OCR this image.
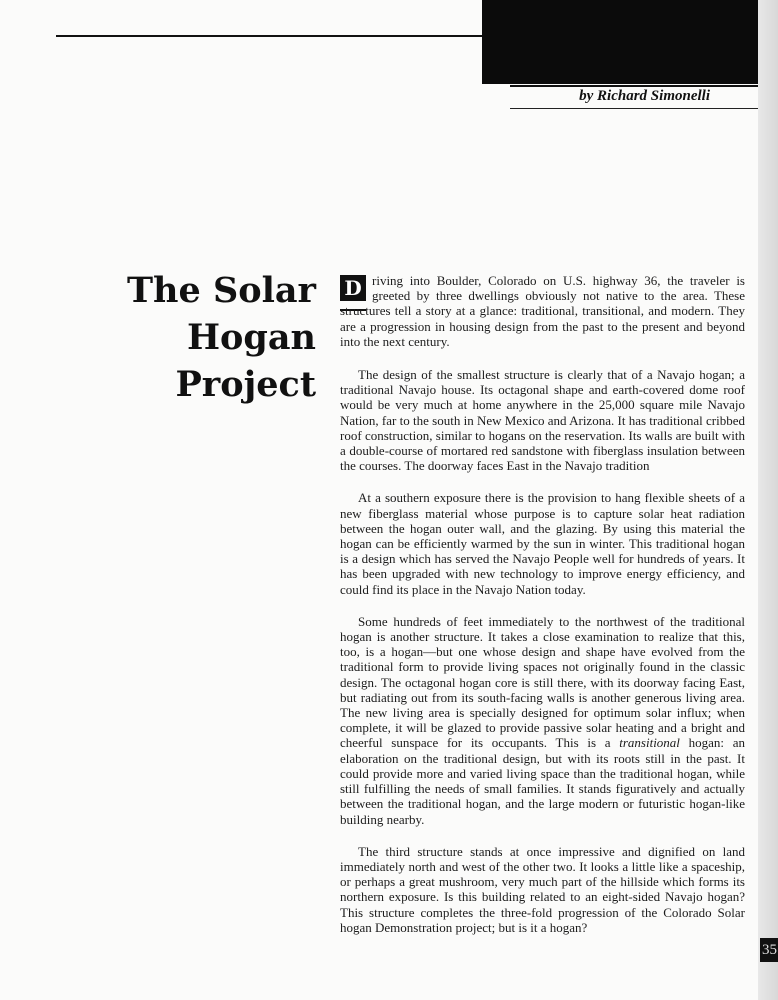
by Richard Simonelli
The Solar
Hogan
Project

D riving into Boulder, Colorado on U.S. highway 36, the traveler is greeted by three dwellings obviously not native to the area. These structures tell a story at a glance: traditional, transitional, and modern. They are a progression in housing design from the past to the present and beyond into the next century.

The design of the smallest structure is clearly that of a Navajo hogan; a traditional Navajo house. Its octagonal shape and earth-covered dome roof would be very much at home anywhere in the 25,000 square mile Navajo Nation, far to the south in New Mexico and Arizona. It has traditional cribbed roof construction, similar to hogans on the reservation. Its walls are built with a double-course of mortared red sandstone with fiberglass insulation between the courses. The doorway faces East in the Navajo tradition

At a southern exposure there is the provision to hang flexible sheets of a new fiberglass material whose purpose is to capture solar heat radiation between the hogan outer wall, and the glazing. By using this material the hogan can be efficiently warmed by the sun in winter. This traditional hogan is a design which has served the Navajo People well for hundreds of years. It has been upgraded with new technology to improve energy efficiency, and could find its place in the Navajo Nation today.

Some hundreds of feet immediately to the northwest of the traditional hogan is another structure. It takes a close examination to realize that this, too, is a hogan—but one whose design and shape have evolved from the traditional form to provide living spaces not originally found in the classic design. The octagonal hogan core is still there, with its doorway facing East, but radiating out from its south-facing walls is another generous living area. The new living area is specially designed for optimum solar influx; when complete, it will be glazed to provide passive solar heating and a bright and cheerful sunspace for its occupants. This is a transitional hogan: an elaboration on the traditional design, but with its roots still in the past. It could provide more and varied living space than the traditional hogan, while still fulfilling the needs of small families. It stands figuratively and actually between the traditional hogan, and the large modern or futuristic hogan-like building nearby.

The third structure stands at once impressive and dignified on land immediately north and west of the other two. It looks a little like a spaceship, or perhaps a great mushroom, very much part of the hillside which forms its northern exposure. Is this building related to an eight-sided Navajo hogan? This structure completes the three-fold progression of the Colorado Solar hogan Demonstration project; but is it a hogan?

35
